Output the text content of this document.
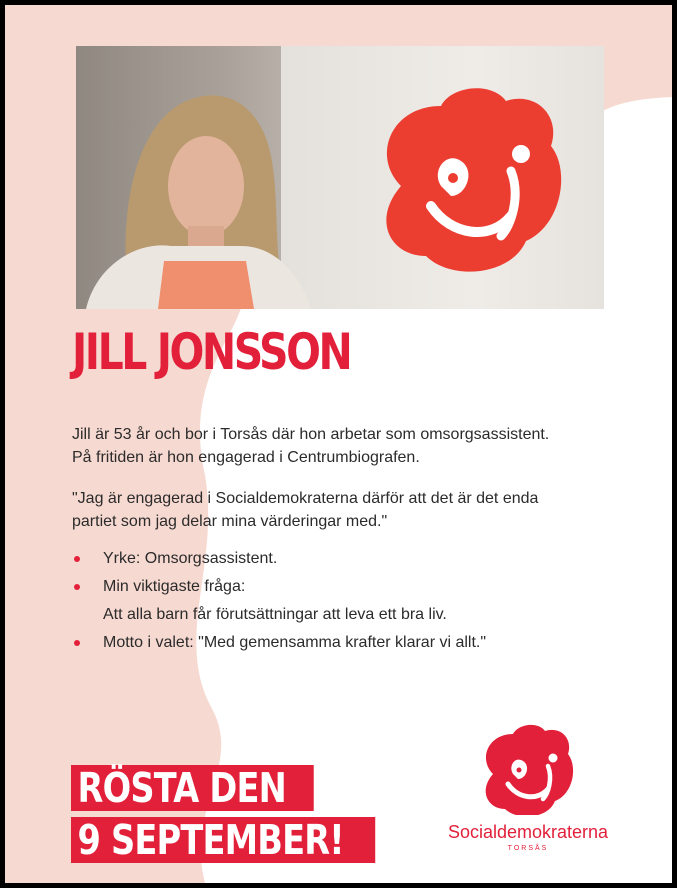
JILL JONSSON

Jill är 53 år och bor i Torsås där hon arbetar som omsorgsassistent.
På fritiden är hon engagerad i Centrumbiografen.

"Jag är engagerad i Socialdemokraterna därför att det är det enda
partiet som jag delar mina värderingar med."

Yrke: Omsorgsassistent.
Min viktigaste fråga:
Att alla barn får förutsättningar att leva ett bra liv.
Motto i valet: "Med gemensamma krafter klarar vi allt."
RÖSTA DEN
9 SEPTEMBER!	Socialdemokraterna
TORSÅS
